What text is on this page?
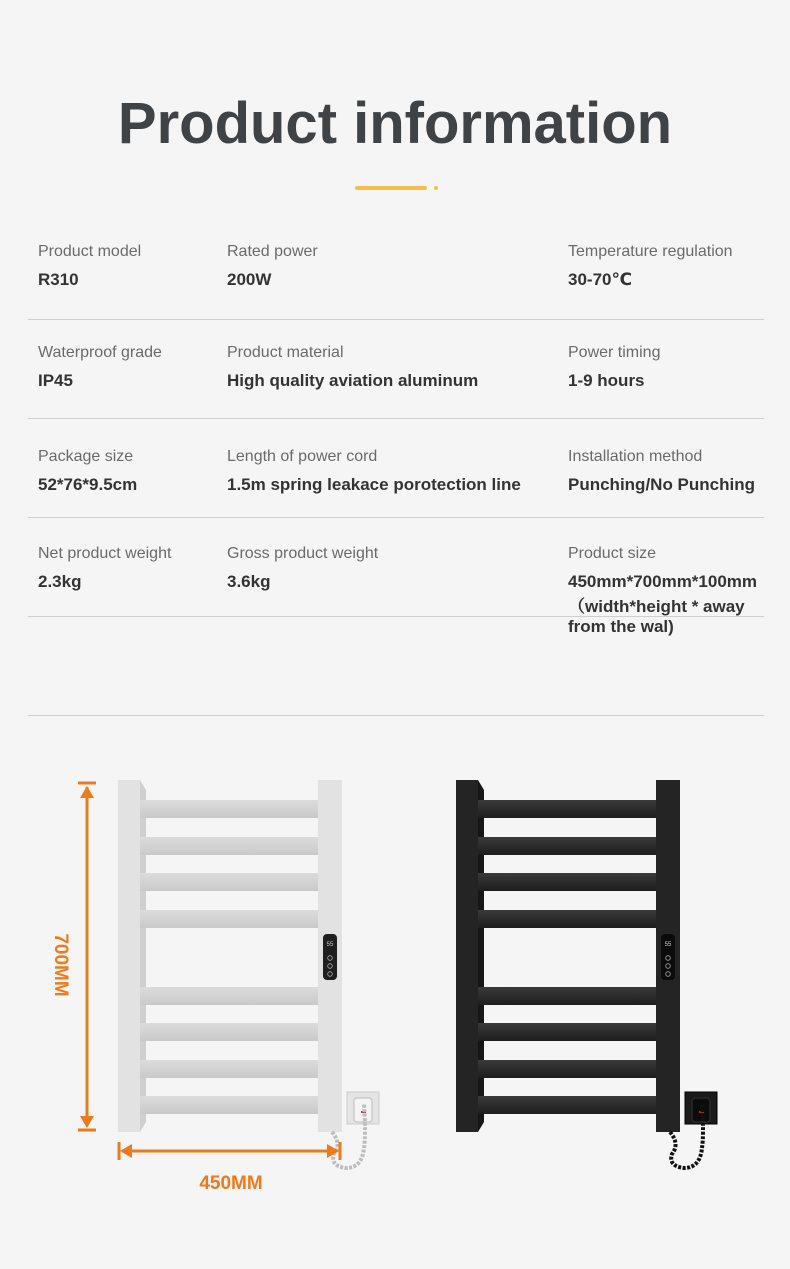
Product information
Product model
R310
Rated power
200W
Temperature regulation
30-70℃
Waterproof grade
IP45
Product material
High quality aviation aluminum
Power timing
1-9 hours
Package size
52*76*9.5cm
Length of power cord
1.5m spring leakace porotection line
Installation method
Punching/No Punching
Net product weight
2.3kg
Gross product weight
3.6kg
Product size
450mm*700mm*100mm（width*height * away from the wal)
55	55
700MM
450MM
